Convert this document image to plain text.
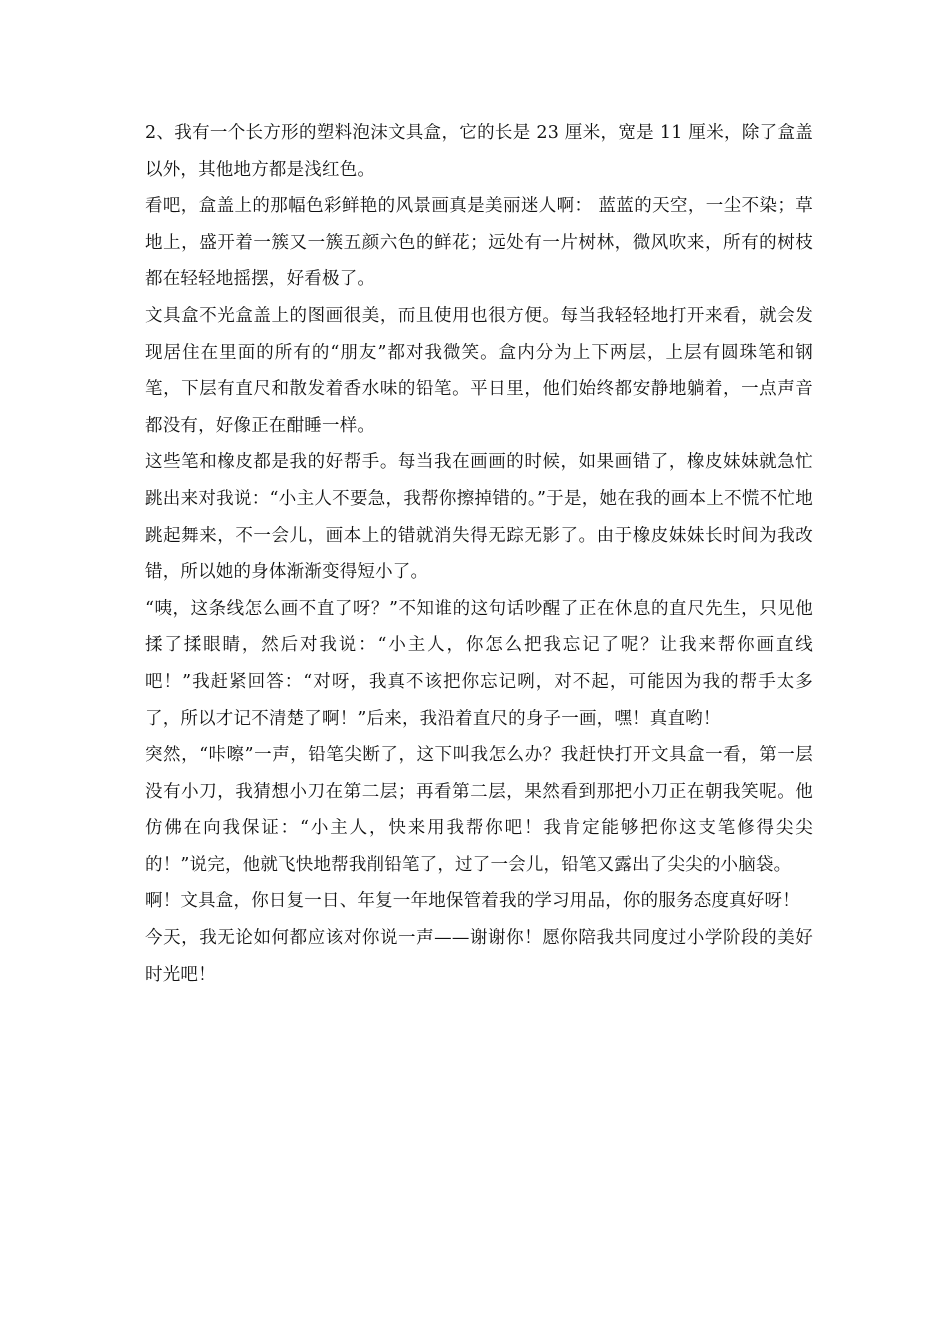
2、我有一个长方形的塑料泡沫文具盒，它的长是 23 厘米，宽是 11 厘米，除了盒盖以外，其他地方都是浅红色。

看吧，盒盖上的那幅色彩鲜艳的风景画真是美丽迷人啊： 蓝蓝的天空，一尘不染；草地上，盛开着一簇又一簇五颜六色的鲜花；远处有一片树林，微风吹来，所有的树枝都在轻轻地摇摆，好看极了。

文具盒不光盒盖上的图画很美，而且使用也很方便。每当我轻轻地打开来看，就会发现居住在里面的所有的“朋友”都对我微笑。盒内分为上下两层，上层有圆珠笔和钢笔，下层有直尺和散发着香水味的铅笔。平日里，他们始终都安静地躺着，一点声音都没有，好像正在酣睡一样。

这些笔和橡皮都是我的好帮手。每当我在画画的时候，如果画错了，橡皮妹妹就急忙跳出来对我说：“小主人不要急，我帮你擦掉错的。”于是，她在我的画本上不慌不忙地跳起舞来，不一会儿，画本上的错就消失得无踪无影了。由于橡皮妹妹长时间为我改错，所以她的身体渐渐变得短小了。

“咦，这条线怎么画不直了呀？”不知谁的这句话吵醒了正在休息的直尺先生，只见他揉了揉眼睛，然后对我说：“小主人，你怎么把我忘记了呢？让我来帮你画直线吧！”我赶紧回答：“对呀，我真不该把你忘记咧，对不起，可能因为我的帮手太多了，所以才记不清楚了啊！”后来，我沿着直尺的身子一画，嘿！真直哟！

突然，“咔嚓”一声，铅笔尖断了，这下叫我怎么办？我赶快打开文具盒一看，第一层没有小刀，我猜想小刀在第二层；再看第二层，果然看到那把小刀正在朝我笑呢。他仿佛在向我保证：“小主人，快来用我帮你吧！我肯定能够把你这支笔修得尖尖的！”说完，他就飞快地帮我削铅笔了，过了一会儿，铅笔又露出了尖尖的小脑袋。

啊！文具盒，你日复一日、年复一年地保管着我的学习用品，你的服务态度真好呀！

今天，我无论如何都应该对你说一声——谢谢你！愿你陪我共同度过小学阶段的美好时光吧！
